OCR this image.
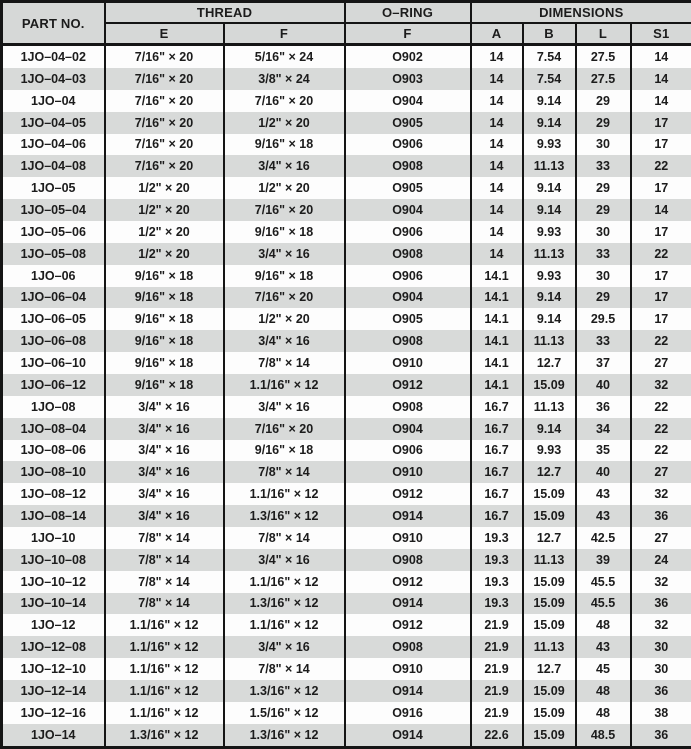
PART NO.	THREAD		O–RING	DIMENSIONS			
	E	F	F	A	B	L	S1
1JO–04–02	7/16" × 20	5/16" × 24	O902	14	7.54	27.5	14
1JO–04–03	7/16" × 20	3/8" × 24	O903	14	7.54	27.5	14
1JO–04	7/16" × 20	7/16" × 20	O904	14	9.14	29	14
1JO–04–05	7/16" × 20	1/2" × 20	O905	14	9.14	29	17
1JO–04–06	7/16" × 20	9/16" × 18	O906	14	9.93	30	17
1JO–04–08	7/16" × 20	3/4" × 16	O908	14	11.13	33	22
1JO–05	1/2" × 20	1/2" × 20	O905	14	9.14	29	17
1JO–05–04	1/2" × 20	7/16" × 20	O904	14	9.14	29	14
1JO–05–06	1/2" × 20	9/16" × 18	O906	14	9.93	30	17
1JO–05–08	1/2" × 20	3/4" × 16	O908	14	11.13	33	22
1JO–06	9/16" × 18	9/16" × 18	O906	14.1	9.93	30	17
1JO–06–04	9/16" × 18	7/16" × 20	O904	14.1	9.14	29	17
1JO–06–05	9/16" × 18	1/2" × 20	O905	14.1	9.14	29.5	17
1JO–06–08	9/16" × 18	3/4" × 16	O908	14.1	11.13	33	22
1JO–06–10	9/16" × 18	7/8" × 14	O910	14.1	12.7	37	27
1JO–06–12	9/16" × 18	1.1/16" × 12	O912	14.1	15.09	40	32
1JO–08	3/4" × 16	3/4" × 16	O908	16.7	11.13	36	22
1JO–08–04	3/4" × 16	7/16" × 20	O904	16.7	9.14	34	22
1JO–08–06	3/4" × 16	9/16" × 18	O906	16.7	9.93	35	22
1JO–08–10	3/4" × 16	7/8" × 14	O910	16.7	12.7	40	27
1JO–08–12	3/4" × 16	1.1/16" × 12	O912	16.7	15.09	43	32
1JO–08–14	3/4" × 16	1.3/16" × 12	O914	16.7	15.09	43	36
1JO–10	7/8" × 14	7/8" × 14	O910	19.3	12.7	42.5	27
1JO–10–08	7/8" × 14	3/4" × 16	O908	19.3	11.13	39	24
1JO–10–12	7/8" × 14	1.1/16" × 12	O912	19.3	15.09	45.5	32
1JO–10–14	7/8" × 14	1.3/16" × 12	O914	19.3	15.09	45.5	36
1JO–12	1.1/16" × 12	1.1/16" × 12	O912	21.9	15.09	48	32
1JO–12–08	1.1/16" × 12	3/4" × 16	O908	21.9	11.13	43	30
1JO–12–10	1.1/16" × 12	7/8" × 14	O910	21.9	12.7	45	30
1JO–12–14	1.1/16" × 12	1.3/16" × 12	O914	21.9	15.09	48	36
1JO–12–16	1.1/16" × 12	1.5/16" × 12	O916	21.9	15.09	48	38
1JO–14	1.3/16" × 12	1.3/16" × 12	O914	22.6	15.09	48.5	36
